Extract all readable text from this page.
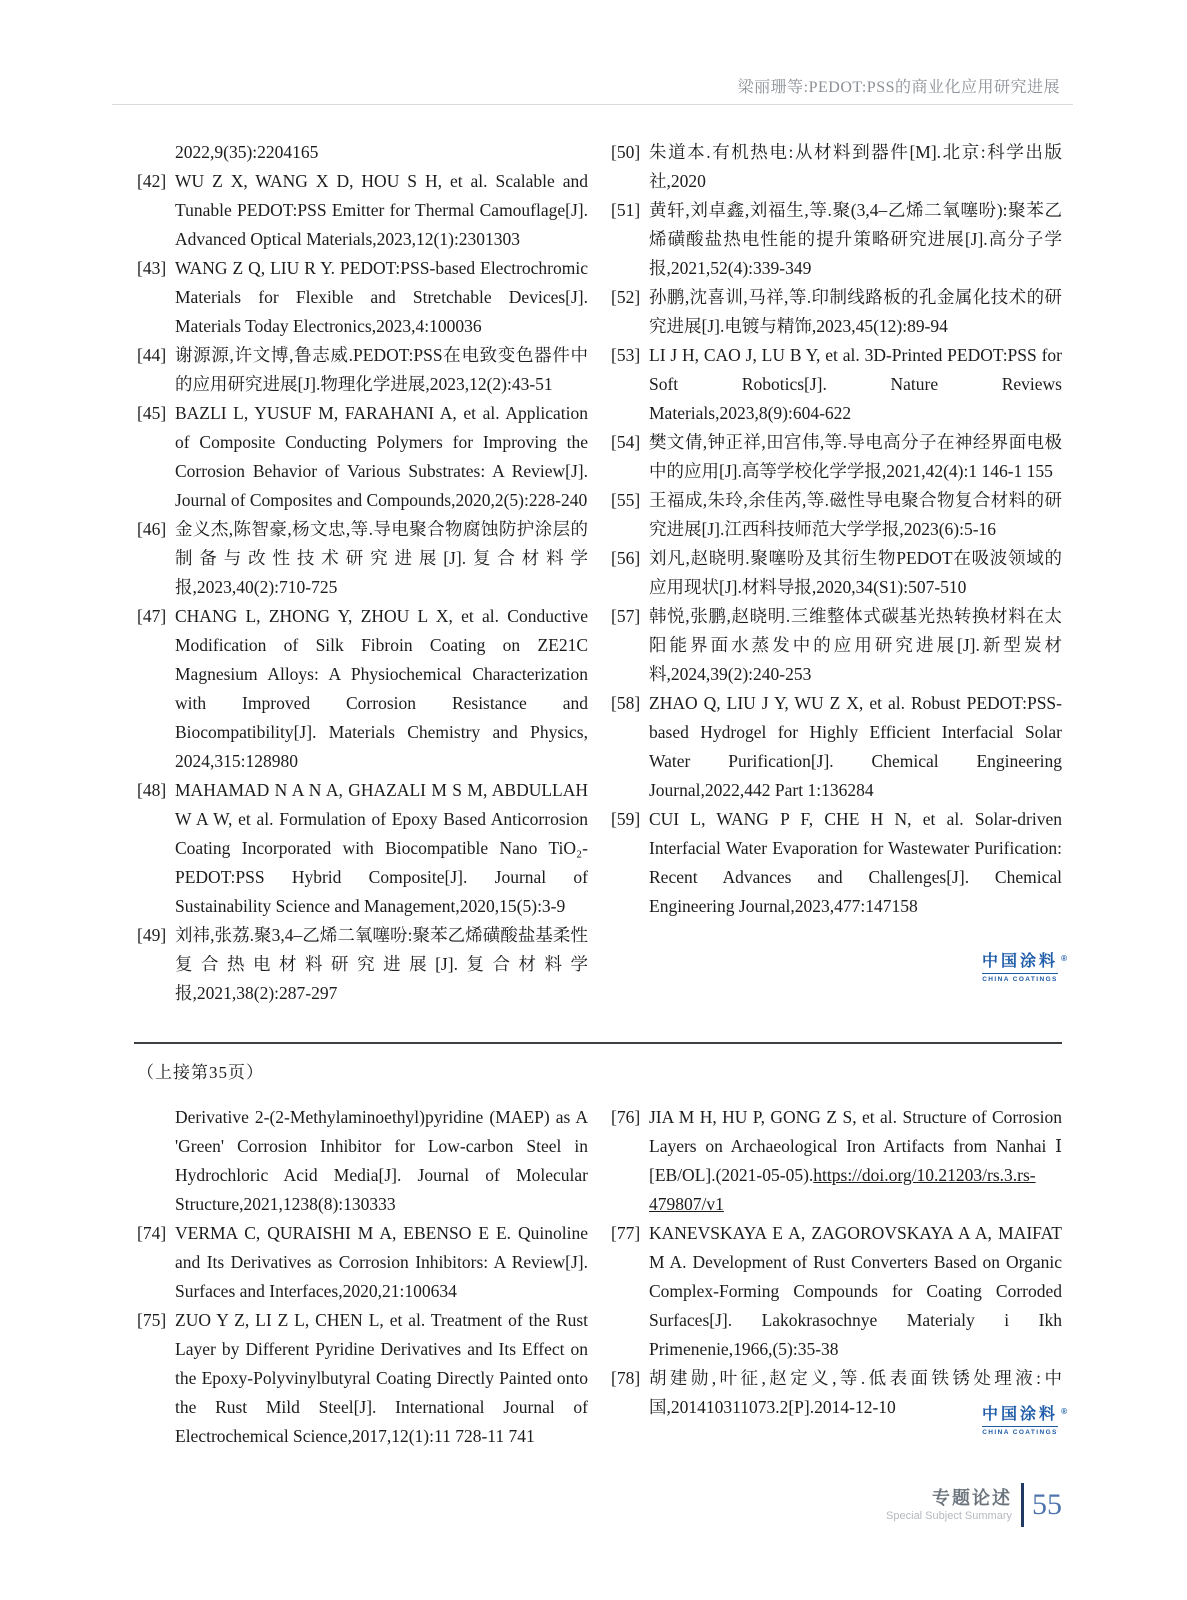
梁丽珊等:PEDOT:PSS的商业化应用研究进展
2022,9(35):2204165
[42] WU Z X, WANG X D, HOU S H, et al. Scalable and Tunable PEDOT:PSS Emitter for Thermal Camouflage[J]. Advanced Optical Materials,2023,12(1):2301303
[43] WANG Z Q, LIU R Y. PEDOT:PSS-based Electrochromic Materials for Flexible and Stretchable Devices[J]. Materials Today Electronics,2023,4:100036
[44] 谢源源,许文博,鲁志威.PEDOT:PSS在电致变色器件中的应用研究进展[J].物理化学进展,2023,12(2):43-51
[45] BAZLI L, YUSUF M, FARAHANI A, et al. Application of Composite Conducting Polymers for Improving the Corrosion Behavior of Various Substrates: A Review[J]. Journal of Composites and Compounds,2020,2(5):228-240
[46] 金义杰,陈智豪,杨文忠,等.导电聚合物腐蚀防护涂层的制备与改性技术研究进展[J].复合材料学报,2023,40(2):710-725
[47] CHANG L, ZHONG Y, ZHOU L X, et al. Conductive Modification of Silk Fibroin Coating on ZE21C Magnesium Alloys: A Physiochemical Characterization with Improved Corrosion Resistance and Biocompatibility[J]. Materials Chemistry and Physics, 2024,315:128980
[48] MAHAMAD N A N A, GHAZALI M S M, ABDULLAH W A W, et al. Formulation of Epoxy Based Anticorrosion Coating Incorporated with Biocompatible Nano TiO₂-PEDOT:PSS Hybrid Composite[J]. Journal of Sustainability Science and Management,2020,15(5):3-9
[49] 刘祎,张荔.聚3,4–乙烯二氧噻吩:聚苯乙烯磺酸盐基柔性复合热电材料研究进展[J].复合材料学报,2021,38(2):287-297
[50] 朱道本.有机热电:从材料到器件[M].北京:科学出版社,2020
[51] 黄轩,刘卓鑫,刘福生,等.聚(3,4–乙烯二氧噻吩):聚苯乙烯磺酸盐热电性能的提升策略研究进展[J].高分子学报,2021,52(4):339-349
[52] 孙鹏,沈喜训,马祥,等.印制线路板的孔金属化技术的研究进展[J].电镀与精饰,2023,45(12):89-94
[53] LI J H, CAO J, LU B Y, et al. 3D-Printed PEDOT:PSS for Soft Robotics[J]. Nature Reviews Materials,2023,8(9):604-622
[54] 樊文倩,钟正祥,田宫伟,等.导电高分子在神经界面电极中的应用[J].高等学校化学学报,2021,42(4):1 146-1 155
[55] 王福成,朱玲,余佳芮,等.磁性导电聚合物复合材料的研究进展[J].江西科技师范大学学报,2023(6):5-16
[56] 刘凡,赵晓明.聚噻吩及其衍生物PEDOT在吸波领域的应用现状[J].材料导报,2020,34(S1):507-510
[57] 韩悦,张鹏,赵晓明.三维整体式碳基光热转换材料在太阳能界面水蒸发中的应用研究进展[J].新型炭材料,2024,39(2):240-253
[58] ZHAO Q, LIU J Y, WU Z X, et al. Robust PEDOT:PSS-based Hydrogel for Highly Efficient Interfacial Solar Water Purification[J]. Chemical Engineering Journal,2022,442 Part 1:136284
[59] CUI L, WANG P F, CHE H N, et al. Solar-driven Interfacial Water Evaporation for Wastewater Purification: Recent Advances and Challenges[J]. Chemical Engineering Journal,2023,477:147158
中国涂料 ®
CHINA COATINGS
（上接第35页）
Derivative 2-(2-Methylaminoethyl)pyridine (MAEP) as A 'Green' Corrosion Inhibitor for Low-carbon Steel in Hydrochloric Acid Media[J]. Journal of Molecular Structure,2021,1238(8):130333
[74] VERMA C, QURAISHI M A, EBENSO E E. Quinoline and Its Derivatives as Corrosion Inhibitors: A Review[J]. Surfaces and Interfaces,2020,21:100634
[75] ZUO Y Z, LI Z L, CHEN L, et al. Treatment of the Rust Layer by Different Pyridine Derivatives and Its Effect on the Epoxy-Polyvinylbutyral Coating Directly Painted onto the Rust Mild Steel[J]. International Journal of Electrochemical Science,2017,12(1):11 728-11 741
[76] JIA M H, HU P, GONG Z S, et al. Structure of Corrosion Layers on Archaeological Iron Artifacts from Nanhai Ⅰ [EB/OL].(2021-05-05).https://doi.org/10.21203/rs.3.rs-479807/v1
[77] KANEVSKAYA E A, ZAGOROVSKAYA A A, MAIFAT M A. Development of Rust Converters Based on Organic Complex-Forming Compounds for Coating Corroded Surfaces[J]. Lakokrasochnye Materialy i Ikh Primenenie,1966,(5):35-38
[78] 胡建勋,叶征,赵定义,等.低表面铁锈处理液:中国,201410311073.2[P].2014-12-10	中国涂料 ®
CHINA COATINGS
专题论述
Special Subject Summary 55
